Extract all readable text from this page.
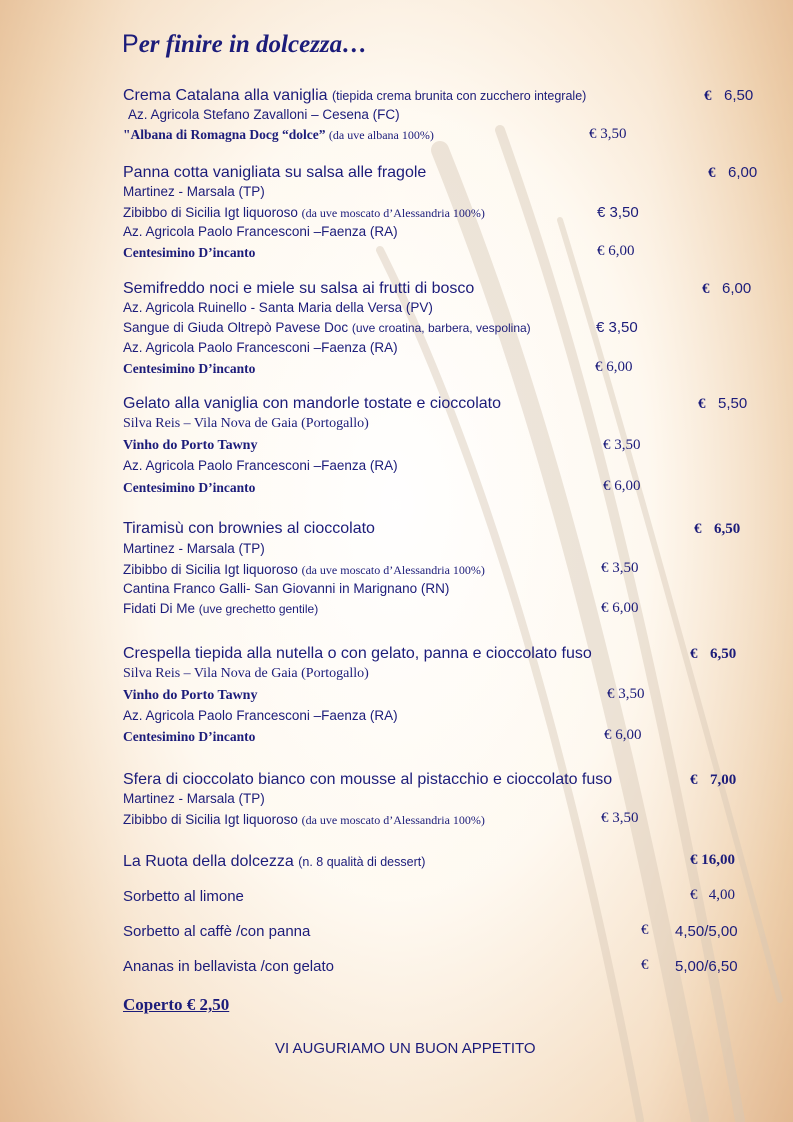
Per finire in dolcezza…
Crema Catalana alla vaniglia (tiepida crema brunita con zucchero integrale)	€ 6,50
Az. Agricola Stefano Zavalloni – Cesena (FC)
"Albana di Romagna Docg “dolce” (da uve albana 100%)	€ 3,50
Panna cotta vanigliata su salsa alle fragole	€ 6,00
Martinez - Marsala (TP)
Zibibbo di Sicilia Igt liquoroso (da uve moscato d’Alessandria 100%)	€ 3,50
Az. Agricola Paolo Francesconi –Faenza (RA)
Centesimino D’incanto	€ 6,00
Semifreddo noci e miele su salsa ai frutti di bosco	€ 6,00
Az. Agricola Ruinello - Santa Maria della Versa (PV)
Sangue di Giuda Oltrepò Pavese Doc (uve croatina, barbera, vespolina)	€ 3,50
Az. Agricola Paolo Francesconi –Faenza (RA)
Centesimino D’incanto	€ 6,00
Gelato alla vaniglia con mandorle tostate e cioccolato	€ 5,50
Silva Reis – Vila Nova de Gaia (Portogallo)
Vinho do Porto Tawny	€ 3,50
Az. Agricola Paolo Francesconi –Faenza (RA)
Centesimino D’incanto	€ 6,00
Tiramisù con brownies al cioccolato	€ 6,50
Martinez - Marsala (TP)
Zibibbo di Sicilia Igt liquoroso (da uve moscato d’Alessandria 100%)	€ 3,50
Cantina Franco Galli- San Giovanni in Marignano (RN)
Fidati Di Me (uve grechetto gentile)	€ 6,00
Crespella tiepida alla nutella o con gelato, panna e cioccolato fuso	€ 6,50
Silva Reis – Vila Nova de Gaia (Portogallo)
Vinho do Porto Tawny	€ 3,50
Az. Agricola Paolo Francesconi –Faenza (RA)
Centesimino D’incanto	€ 6,00
Sfera di cioccolato bianco con mousse al pistacchio e cioccolato fuso	€ 7,00
Martinez - Marsala (TP)
Zibibbo di Sicilia Igt liquoroso (da uve moscato d’Alessandria 100%)	€ 3,50
La Ruota della dolcezza (n. 8 qualità di dessert)	€ 16,00
Sorbetto al limone	€   4,00
Sorbetto al caffè /con panna	€ 4,50/5,00
Ananas in bellavista /con gelato	€ 5,00/6,50
Coperto € 2,50
VI AUGURIAMO UN BUON APPETITO
